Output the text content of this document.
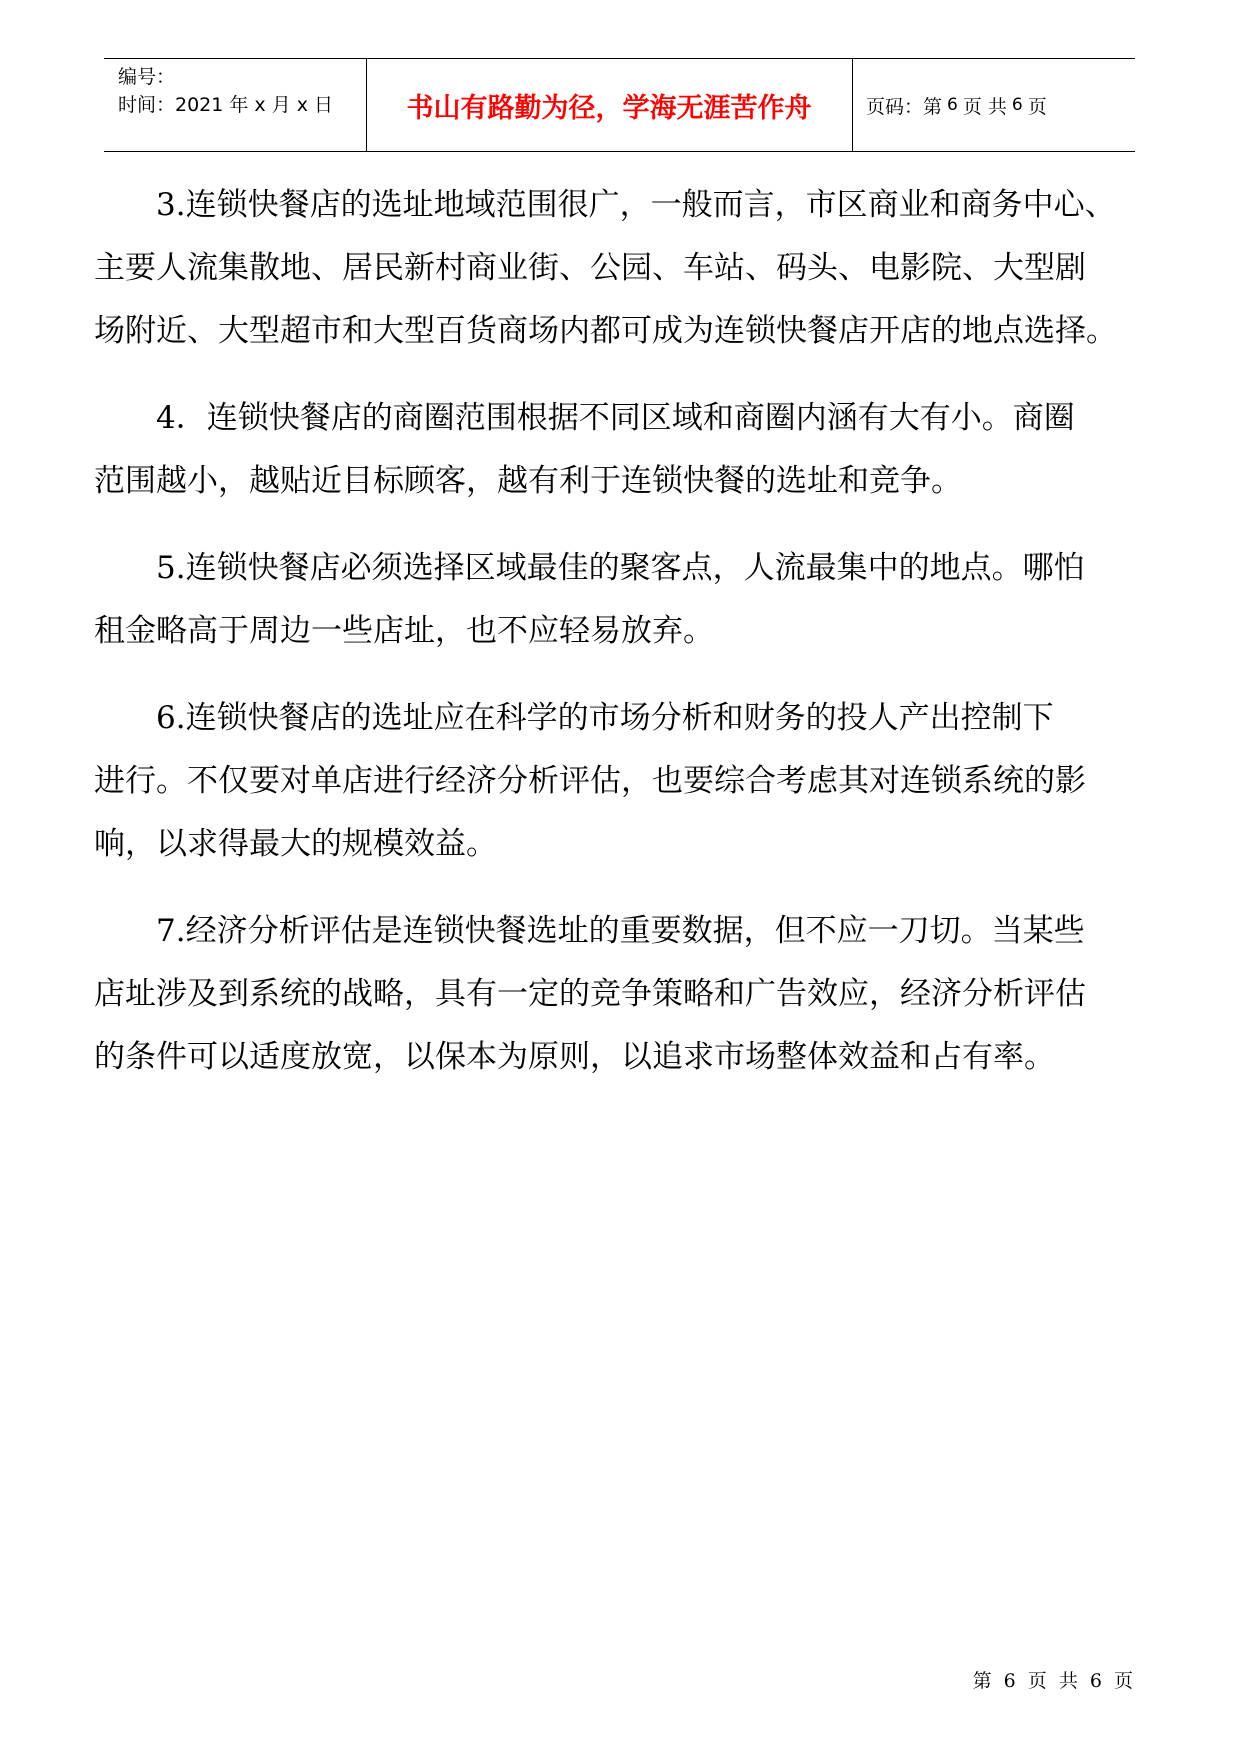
编号：
时间：2021 年 x 月 x 日	书山有路勤为径，学海无涯苦作舟	页码：第 6 页 共 6 页

3.连锁快餐店的选址地域范围很广，一般而言，市区商业和商务中心、
主要人流集散地、居民新村商业街、公园、车站、码头、电影院、大型剧
场附近、大型超市和大型百货商场内都可成为连锁快餐店开店的地点选择。

4．连锁快餐店的商圈范围根据不同区域和商圈内涵有大有小。商圈
范围越小，越贴近目标顾客，越有利于连锁快餐的选址和竞争。

5.连锁快餐店必须选择区域最佳的聚客点，人流最集中的地点。哪怕
租金略高于周边一些店址，也不应轻易放弃。

6.连锁快餐店的选址应在科学的市场分析和财务的投人产出控制下
进行。不仅要对单店进行经济分析评估，也要综合考虑其对连锁系统的影
响，以求得最大的规模效益。

7.经济分析评估是连锁快餐选址的重要数据，但不应一刀切。当某些
店址涉及到系统的战略，具有一定的竞争策略和广告效应，经济分析评估
的条件可以适度放宽，以保本为原则，以追求市场整体效益和占有率。

第 6 页 共 6 页
